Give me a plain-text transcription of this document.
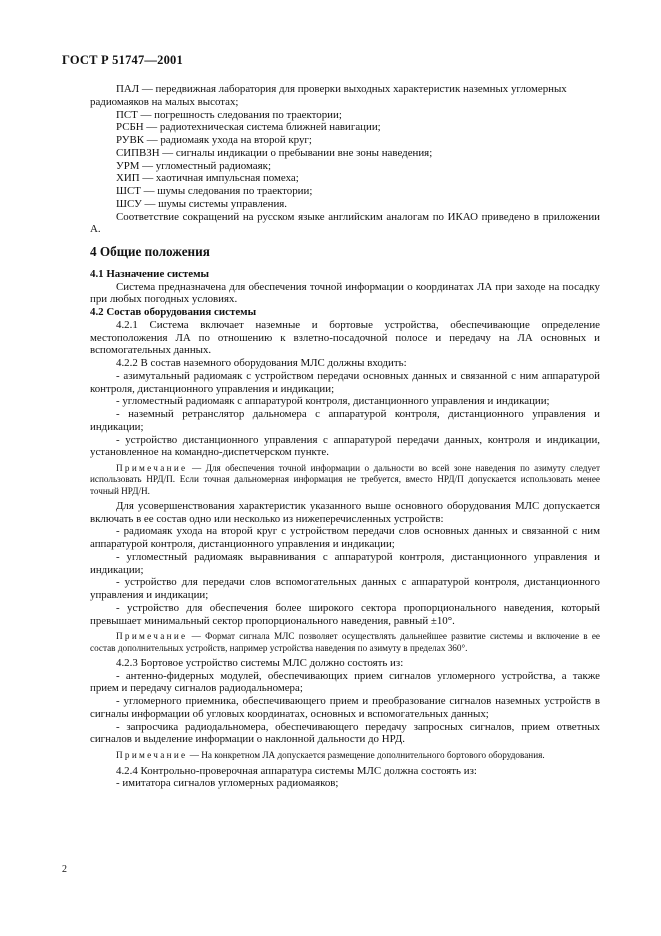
ГОСТ Р 51747—2001

ПАЛ — передвижная лаборатория для проверки выходных характеристик наземных угломерных радиомаяков на малых высотах;

ПСТ — погрешность следования по траектории;

РСБН — радиотехническая система ближней навигации;

РУВК — радиомаяк ухода на второй круг;

СИПВЗН — сигналы индикации о пребывании вне зоны наведения;

УРМ — угломестный радиомаяк;

ХИП — хаотичная импульсная помеха;

ШСТ — шумы следования по траектории;

ШСУ — шумы системы управления.

Соответствие сокращений на русском языке английским аналогам по ИКАО приведено в приложении А.

4 Общие положения

4.1 Назначение системы

Система предназначена для обеспечения точной информации о координатах ЛА при заходе на посадку при любых погодных условиях.

4.2 Состав оборудования системы

4.2.1 Система включает наземные и бортовые устройства, обеспечивающие определение местоположения ЛА по отношению к взлетно-посадочной полосе и передачу на ЛА основных и вспомогательных данных.

4.2.2 В состав наземного оборудования МЛС должны входить:

- азимутальный радиомаяк с устройством передачи основных данных и связанной с ним аппаратурой контроля, дистанционного управления и индикации;

- угломестный радиомаяк с аппаратурой контроля, дистанционного управления и индикации;

- наземный ретранслятор дальномера с аппаратурой контроля, дистанционного управления и индикации;

- устройство дистанционного управления с аппаратурой передачи данных, контроля и индикации, установленное на командно-диспетчерском пункте.

Примечание — Для обеспечения точной информации о дальности во всей зоне наведения по азимуту следует использовать НРД/П. Если точная дальномерная информация не требуется, вместо НРД/П допускается использовать менее точный НРД/Н.

Для усовершенствования характеристик указанного выше основного оборудования МЛС допускается включать в ее состав одно или несколько из нижеперечисленных устройств:

- радиомаяк ухода на второй круг с устройством передачи слов основных данных и связанной с ним аппаратурой контроля, дистанционного управления и индикации;

- угломестный радиомаяк выравнивания с аппаратурой контроля, дистанционного управления и индикации;

- устройство для передачи слов вспомогательных данных с аппаратурой контроля, дистанционного управления и индикации;

- устройство для обеспечения более широкого сектора пропорционального наведения, который превышает минимальный сектор пропорционального наведения, равный ±10°.

Примечание — Формат сигнала МЛС позволяет осуществлять дальнейшее развитие системы и включение в ее состав дополнительных устройств, например устройства наведения по азимуту в пределах 360°.

4.2.3 Бортовое устройство системы МЛС должно состоять из:

- антенно-фидерных модулей, обеспечивающих прием сигналов угломерного устройства, а также прием и передачу сигналов радиодальномера;

- угломерного приемника, обеспечивающего прием и преобразование сигналов наземных устройств в сигналы информации об угловых координатах, основных и вспомогательных данных;

- запросчика радиодальномера, обеспечивающего передачу запросных сигналов, прием ответных сигналов и выделение информации о наклонной дальности до НРД.

Примечание — На конкретном ЛА допускается размещение дополнительного бортового оборудования.

4.2.4 Контрольно-проверочная аппаратура системы МЛС должна состоять из:

- имитатора сигналов угломерных радиомаяков;

2
